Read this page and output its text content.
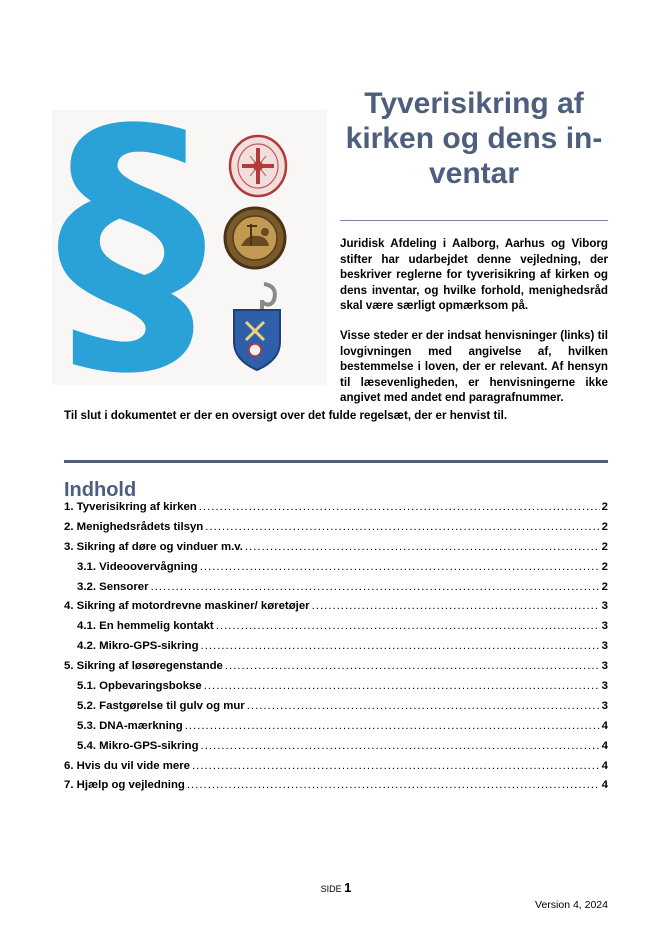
§	Tyverisikring af
kirken og dens in-
ventar

Juridisk Afdeling i Aalborg, Aarhus og Viborg stifter har udarbejdet denne vejledning, der beskriver reglerne for tyverisikring af kirken og dens inventar, og hvilke forhold, menighedsråd skal være særligt opmærksom på.

Visse steder er der indsat henvisninger (links) til lovgivningen med angivelse af, hvilken bestemmelse i loven, der er relevant. Af hensyn til læsevenligheden, er henvisningerne ikke angivet med andet end paragrafnummer.

Til slut i dokumentet er der en oversigt over det fulde regelsæt, der er henvist til.

Indhold
1. Tyverisikring af kirken .....	2
2. Menighedsrådets tilsyn .....	2
3. Sikring af døre og vinduer m.v. .....	2
3.1. Videoovervågning .....	2
3.2. Sensorer .....	2
4. Sikring af motordrevne maskiner/ køretøjer .....	3
4.1. En hemmelig kontakt .....	3
4.2. Mikro-GPS-sikring .....	3
5. Sikring af løsøregenstande .....	3
5.1. Opbevaringsbokse .....	3
5.2. Fastgørelse til gulv og mur .....	3
5.3. DNA-mærkning .....	4
5.4. Mikro-GPS-sikring .....	4
6. Hvis du vil vide mere .....	4
7. Hjælp og vejledning .....	4
SIDE 1
Version 4, 2024
